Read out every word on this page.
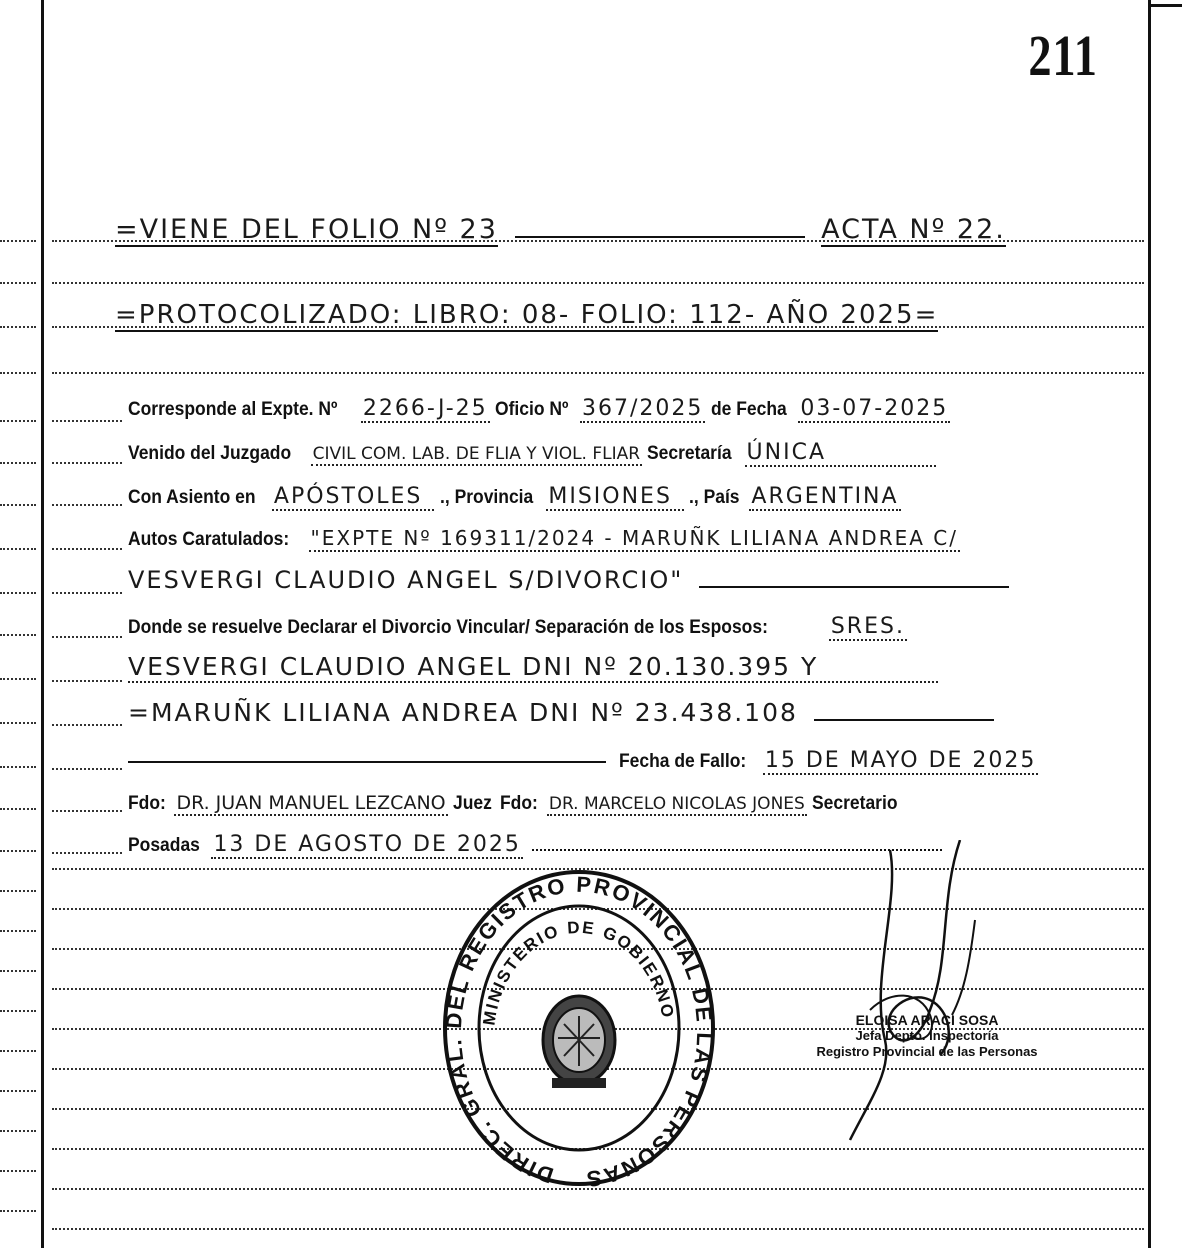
211
=VIENE DEL FOLIO Nº 23	ACTA Nº 22.
=PROTOCOLIZADO: LIBRO: 08- FOLIO: 112- AÑO 2025=
Corresponde al Expte. Nº 2266-J-25 Oficio Nº 367/2025 de Fecha 03-07-2025
Venido del Juzgado CIVIL COM. LAB. DE FLIA Y VIOL. FLIAR Secretaría ÚNICA
Con Asiento en APÓSTOLES ., Provincia MISIONES ., País ARGENTINA
Autos Caratulados: "EXPTE Nº 169311/2024 - MARUÑK LILIANA ANDREA C/
VESVERGI CLAUDIO ANGEL S/DIVORCIO"
Donde se resuelve Declarar el Divorcio Vincular/ Separación de los Esposos:	SRES.
VESVERGI CLAUDIO ANGEL DNI Nº 20.130.395 Y
=MARUÑK LILIANA ANDREA DNI Nº 23.438.108
Fecha de Fallo: 15 DE MAYO DE 2025
Fdo: DR. JUAN MANUEL LEZCANO Juez Fdo: DR. MARCELO NICOLAS JONES Secretario
Posadas 13 DE AGOSTO DE 2025
DIREC. GRAL. DEL REGISTRO PROVINCIAL DE LAS PERSONAS
MINISTERIO DE GOBIERNO	ELOISA ARACI SOSA
Jefa Depto. Inspectoría
Registro Provincial de las Personas
